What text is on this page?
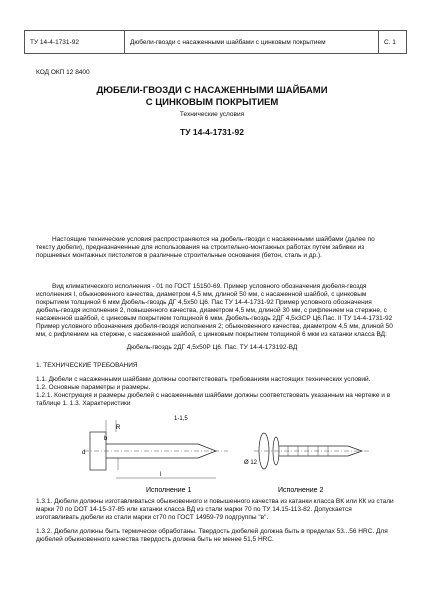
ТУ 14-4-1731-92	Дюбели-гвозди с насаженными шайбами с цинковым покрытием	С. 1
КОД ОКП 12 8400
ДЮБЕЛИ-ГВОЗДИ С НАСАЖЕННЫМИ ШАЙБАМИ
С ЦИНКОВЫМ ПОКРЫТИЕМ
Технические условия
ТУ 14-4-1731-92

Настоящие технические условия распространяются на дюбель-гвозди с насаженными шайбами (далее по тексту дюбели), предназначенные для использования на строительно-монтажных работах путем забивки из поршневых монтажных пистолетов в различные строительные основания (бетон, сталь и др.).

Вид климатического исполнения - 01 по ГОСТ 15150-69. Пример условного обозначения дюбеля-гвоздя исполнения I, обыкновенного качества, диаметром 4,5 мм, длиной 50 мм, с насаженной шайбой, с цинковым покрытием толщиной 6 мкм Дюбель-гвоздь ДГ 4,5х50 Ц6. Пас ТУ 14-4-1731-92 Пример условного обозначения дюбель-гвоздя исполнения 2, повышенного качества, диаметром 4,5 мм, длиной 30 мм, с рифлением на стержне, с насаженной шайбой, с цинковым покрытием толщиной 6 мкм. Дюбель-гвоздь 2ДГ 4,5х3СР Ц6.Пас. II ТУ 14-4-1731-92 Пример условного обозначения дюбеля-гвоздя исполнения 2; обыкновенного качества, диаметром 4,5 мм, длиной 50 мм, с рифлением на стержне, с насаженной шайбой, с цинковым покрытием толщиной 6 мкм из катанки класса ВД:

Дюбель-гвоздь 2ДГ 4,5х50Р Ц6. Пас. ТУ 14-4-173192-ВД

1. ТЕХНИЧЕСКИЕ ТРЕБОВАНИЯ

1.1. Дюбели с насаженными шайбами должны соответствовать требованиям настоящих технических условий.
1.2. Основные параметры и размеры.
1.2.1. Конструкция и размеры дюбелей с насаженными шайбами должны соответствовать указанным на чертеже и в таблице 1. 1.3. Характеристики
d
R
b
l
1-1,5
Исполнение 1
Ø 12
Исполнение 2

1.3.1. Дюбели должны изготавливаться обыкновенного и повышенного качества из катанки класса ВК или КК из стали марки 70 по DOT 14-15-37-85 или катанки класса ВД из стали марки 70 по ТУ 14.15-113-82. Допускается изготавливать дюбели из стали марки ст70 по ГОСТ 14959-79 подгруппы "в".

1.3.2. Дюбели должны быть термически обработаны. Твердость дюбелей должна быть в пределах 53...56 HRC. Для дюбелей обыкновенного качества твердость должна быть не менее 51,5 HRC.
